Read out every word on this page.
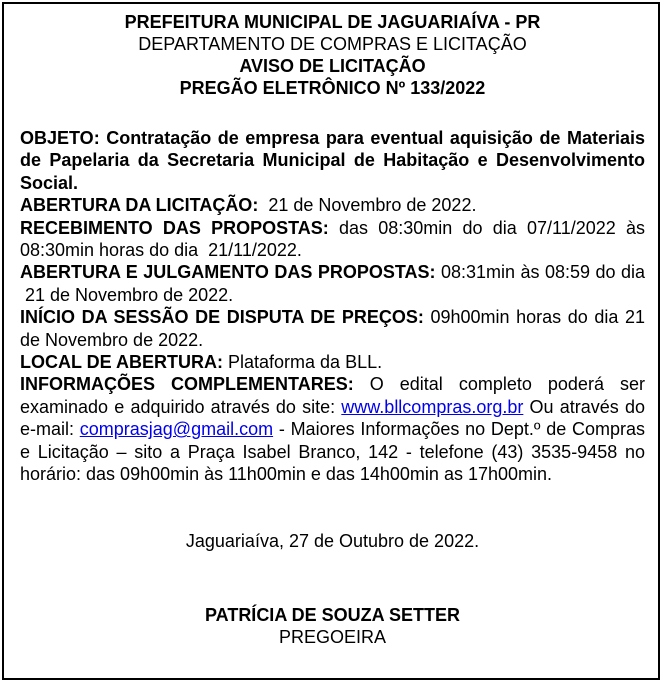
PREFEITURA MUNICIPAL DE JAGUARIAÍVA - PR
DEPARTAMENTO DE COMPRAS E LICITAÇÃO
AVISO DE LICITAÇÃO
PREGÃO ELETRÔNICO Nº 133/2022

OBJETO: Contratação de empresa para eventual aquisição de Materiais de Papelaria da Secretaria Municipal de Habitação e Desenvolvimento Social.

ABERTURA DA LICITAÇÃO:  21 de Novembro de 2022.

RECEBIMENTO DAS PROPOSTAS: das 08:30min do dia 07/11/2022 às 08:30min horas do dia  21/11/2022.

ABERTURA E JULGAMENTO DAS PROPOSTAS: 08:31min às 08:59 do dia  21 de Novembro de 2022.

INÍCIO DA SESSÃO DE DISPUTA DE PREÇOS: 09h00min horas do dia 21 de Novembro de 2022.

LOCAL DE ABERTURA: Plataforma da BLL.

INFORMAÇÕES COMPLEMENTARES: O edital completo poderá ser examinado e adquirido através do site: www.bllcompras.org.br Ou através do e-mail: comprasjag@gmail.com - Maiores Informações no Dept.º de Compras e Licitação – sito a Praça Isabel Branco, 142 - telefone (43) 3535-9458 no horário: das 09h00min às 11h00min e das 14h00min as 17h00min.

Jaguariaíva, 27 de Outubro de 2022.
PATRÍCIA DE SOUZA SETTER
PREGOEIRA
